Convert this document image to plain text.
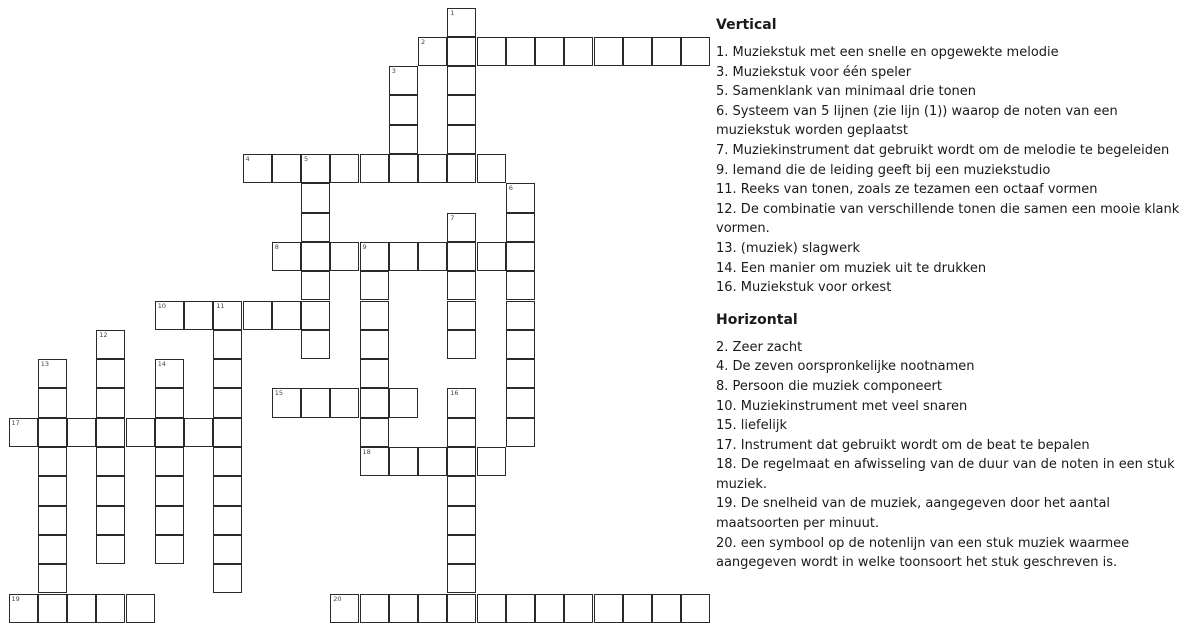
2
4	5
8	9
10	11
15
17
18
19	20
1
3
6
7
12
13	14
16
Vertical
1. Muziekstuk met een snelle en opgewekte melodie
3. Muziekstuk voor één speler
5. Samenklank van minimaal drie tonen
6. Systeem van 5 lijnen (zie lijn (1)) waarop de noten van een muziekstuk worden geplaatst
7. Muziekinstrument dat gebruikt wordt om de melodie te begeleiden
9. Iemand die de leiding geeft bij een muziekstudio
11. Reeks van tonen, zoals ze tezamen een octaaf vormen
12. De combinatie van verschillende tonen die samen een mooie klank vormen.
13. (muziek) slagwerk
14. Een manier om muziek uit te drukken
16. Muziekstuk voor orkest
Horizontal
2. Zeer zacht
4. De zeven oorspronkelijke nootnamen
8. Persoon die muziek componeert
10. Muziekinstrument met veel snaren
15. liefelijk
17. Instrument dat gebruikt wordt om de beat te bepalen
18. De regelmaat en afwisseling van de duur van de noten in een stuk muziek.
19. De snelheid van de muziek, aangegeven door het aantal maatsoorten per minuut.
20. een symbool op de notenlijn van een stuk muziek waarmee aangegeven wordt in welke toonsoort het stuk geschreven is.
